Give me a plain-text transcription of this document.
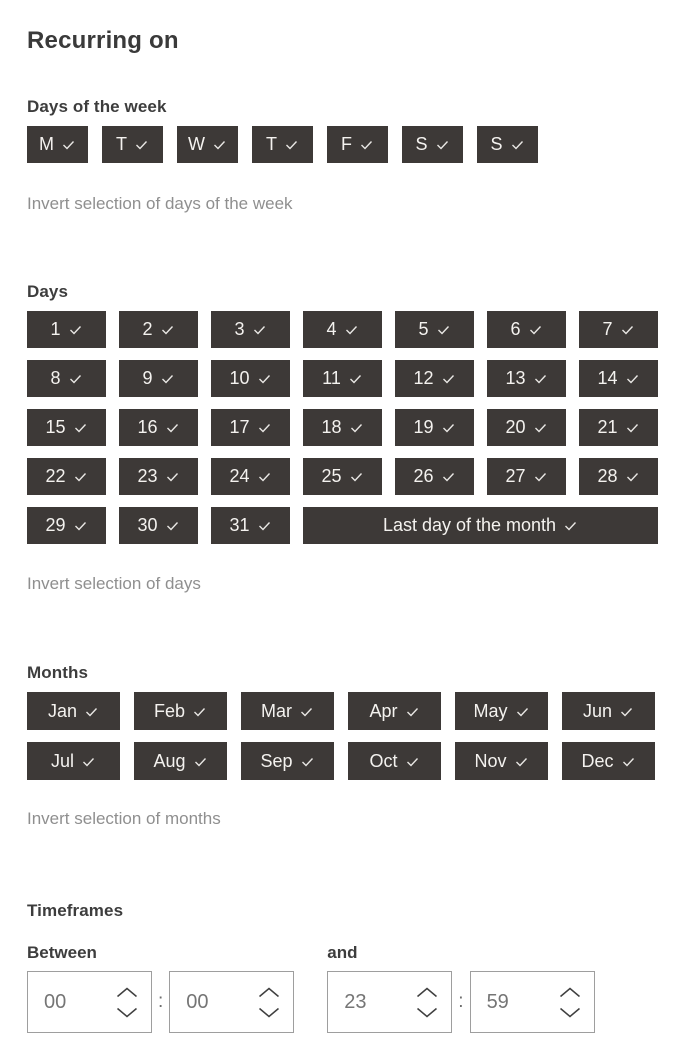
Recurring on
Days of the week
M	T	W	T	F	S	S
Invert selection of days of the week
Days
1	2	3	4	5	6	7
8	9	10	11	12	13	14
15	16	17	18	19	20	21
22	23	24	25	26	27	28
29	30	31	Last day of the month
Invert selection of days
Months
Jan	Feb	Mar	Apr	May	Jun
Jul	Aug	Sep	Oct	Nov	Dec
Invert selection of months
Timeframes
Between
00
:
00
and
23
:
59
